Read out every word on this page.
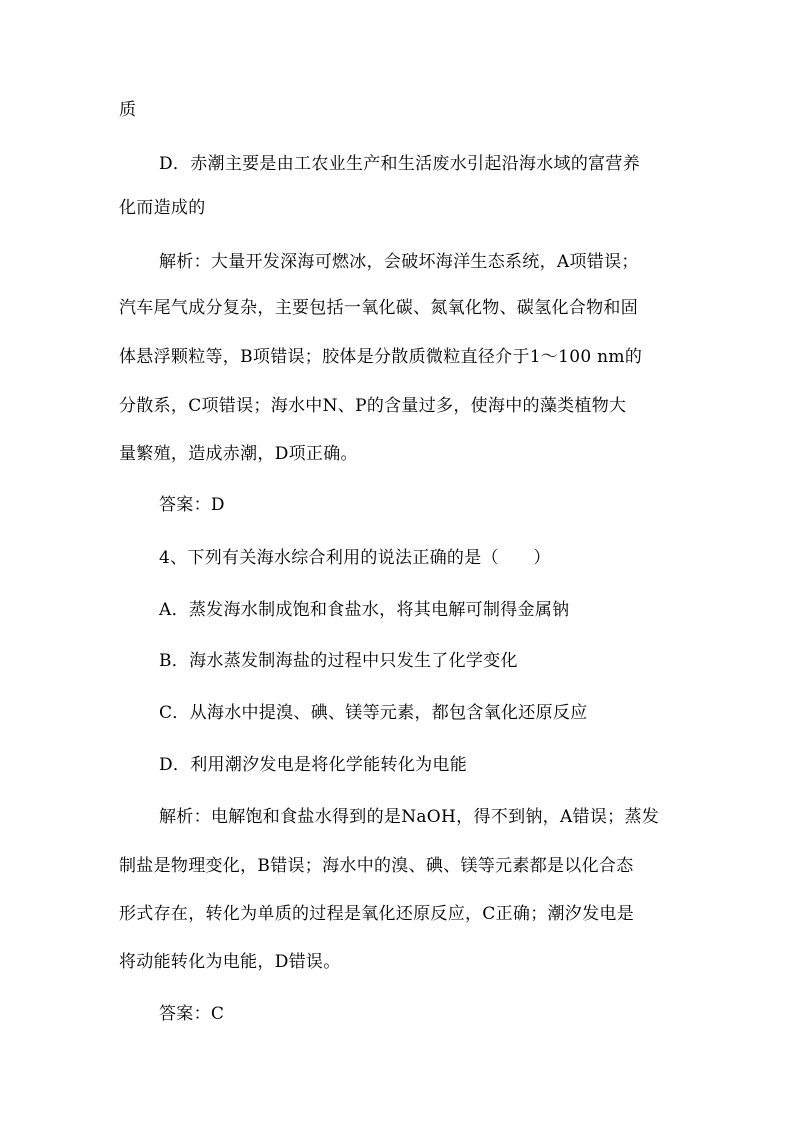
质
D．赤潮主要是由工农业生产和生活废水引起沿海水域的富营养
化而造成的
解析：大量开发深海可燃冰，会破坏海洋生态系统，A项错误；
汽车尾气成分复杂，主要包括一氧化碳、氮氧化物、碳氢化合物和固
体悬浮颗粒等，B项错误；胶体是分散质微粒直径介于1～100 nm的
分散系，C项错误；海水中N、P的含量过多，使海中的藻类植物大
量繁殖，造成赤潮，D项正确。
答案：D
4、下列有关海水综合利用的说法正确的是（　　）
A．蒸发海水制成饱和食盐水，将其电解可制得金属钠
B．海水蒸发制海盐的过程中只发生了化学变化
C．从海水中提溴、碘、镁等元素，都包含氧化还原反应
D．利用潮汐发电是将化学能转化为电能
解析：电解饱和食盐水得到的是NaOH，得不到钠，A错误；蒸发
制盐是物理变化，B错误；海水中的溴、碘、镁等元素都是以化合态
形式存在，转化为单质的过程是氧化还原反应，C正确；潮汐发电是
将动能转化为电能，D错误。
答案：C
